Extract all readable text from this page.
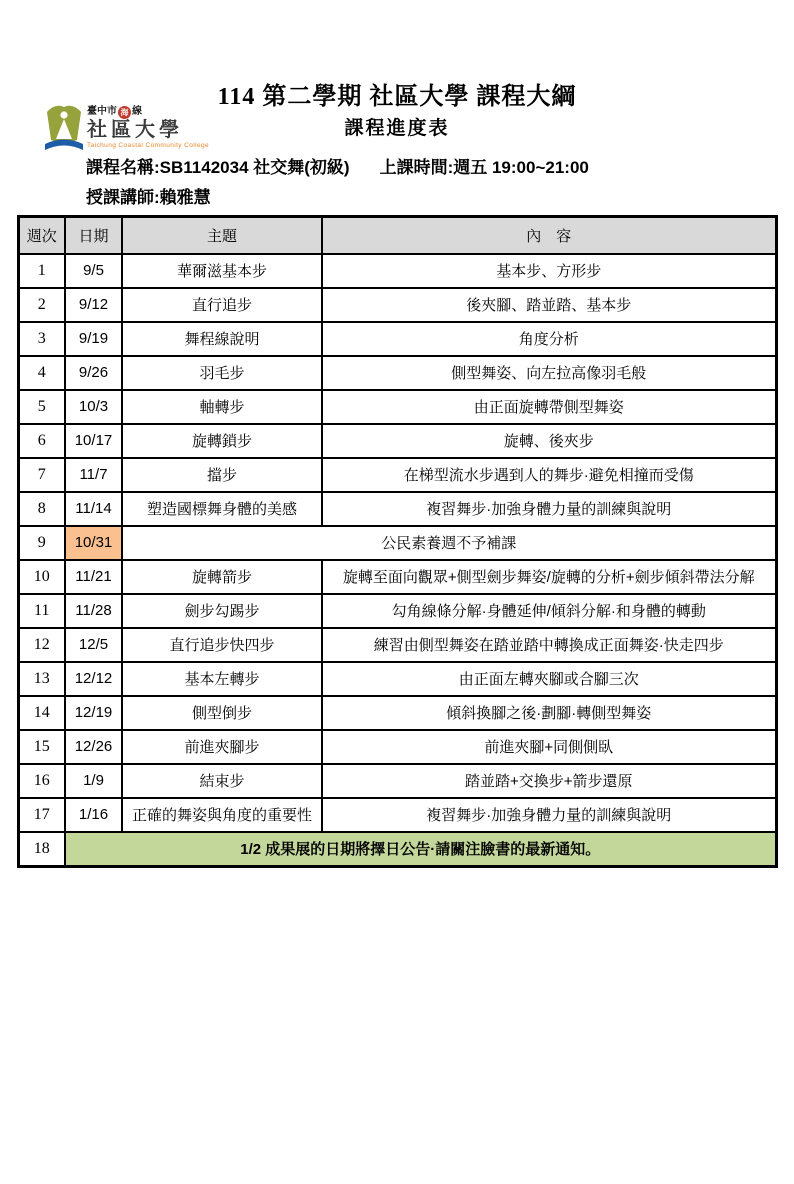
臺中市 海 線
社區大學
Taichung Coastal Community College
114 第二學期 社區大學 課程大綱
課程進度表
課程名稱:SB1142034 社交舞(初級) 上課時間:週五 19:00~21:00
授課講師:賴雅慧
週次	日期	主題	內　容
1	9/5	華爾滋基本步	基本步、方形步
2	9/12	直行追步	後夾腳、踏並踏、基本步
3	9/19	舞程線說明	角度分析
4	9/26	羽毛步	側型舞姿、向左拉高像羽毛般
5	10/3	軸轉步	由正面旋轉帶側型舞姿
6	10/17	旋轉鎖步	旋轉、後夾步
7	11/7	擋步	在梯型流水步遇到人的舞步·避免相撞而受傷
8	11/14	塑造國標舞身體的美感	複習舞步·加強身體力量的訓練與說明
9	10/31	公民素養週不予補課	
10	11/21	旋轉箭步	旋轉至面向觀眾+側型劍步舞姿/旋轉的分析+劍步傾斜帶法分解
11	11/28	劍步勾踢步	勾角線條分解·身體延伸/傾斜分解·和身體的轉動
12	12/5	直行追步快四步	練習由側型舞姿在踏並踏中轉換成正面舞姿·快走四步
13	12/12	基本左轉步	由正面左轉夾腳或合腳三次
14	12/19	側型倒步	傾斜換腳之後·劃腳·轉側型舞姿
15	12/26	前進夾腳步	前進夾腳+同側側臥
16	1/9	結束步	踏並踏+交換步+箭步還原
17	1/16	正確的舞姿與角度的重要性	複習舞步·加強身體力量的訓練與說明
18	1/2 成果展的日期將擇日公告·請關注臉書的最新通知。		
